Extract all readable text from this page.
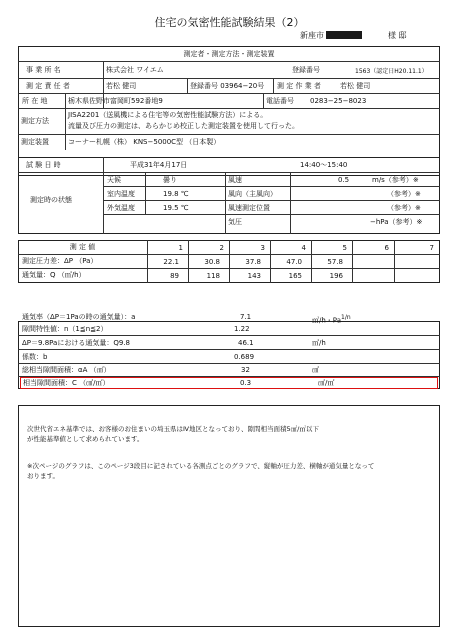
住宅の気密性能試験結果（2）
新座市	様 邸
測定者・測定方法・測定装置
事 業 所 名	株式会社 ワイエム	登録番号	1563（認定日H20.11.1）
測 定 責 任 者	若松 健司	登録番号 03964−20号 測 定 作 業 者	若松 健司
所 在 地	栃木県佐野市富岡町592番地9	電話番号 0283−25−8023
測定方法
JISA2201（送風機による住宅等の気密性能試験方法）による。
流量及び圧力の測定は、あらかじめ校正した測定装置を使用して行った。
測定装置	コーナー札幌（株） KNS−5000C型 （日本製）
試 験 日 時	平成31年4月17日	14:40〜15:40
測定時の状態
天候	曇り
室内温度	19.8 ℃
外気温度	19.5 ℃
風速	0.5	m/s（参考）※
風向（主風向）	（参考）※
風速測定位置	（参考）※
気圧	−hPa（参考）※
測 定 値	1	2	3	4	5	6	7
測定圧力差：ΔP （Pa）	22.1	30.8	37.8	47.0	57.8
通気量：Q （㎥/h）	89	118	143	165	196
隙間特性値：n（1≦n≦2）	1.22
通気率（ΔP＝1Paの時の通気量）：a	7.1	㎥/h・$Pa^{1/n}$
ΔP＝9.8Paにおける通気量：Q9.8	46.1	㎥/h
係数：b	0.689
総相当隙間面積：αA （㎠）	32	㎠
相当隙間面積：C （㎠/㎡）	0.3	㎠/㎡
次世代省エネ基準では、お客様のお住まいの埼玉県はⅣ地区となっており、隙間相当面積5㎠/㎡以下
が性能基準値として求められています。
※次ページのグラフは、このページ3段目に記されている各測点ごとのグラフで、縦軸が圧力差、横軸が通気量となって
おります。
